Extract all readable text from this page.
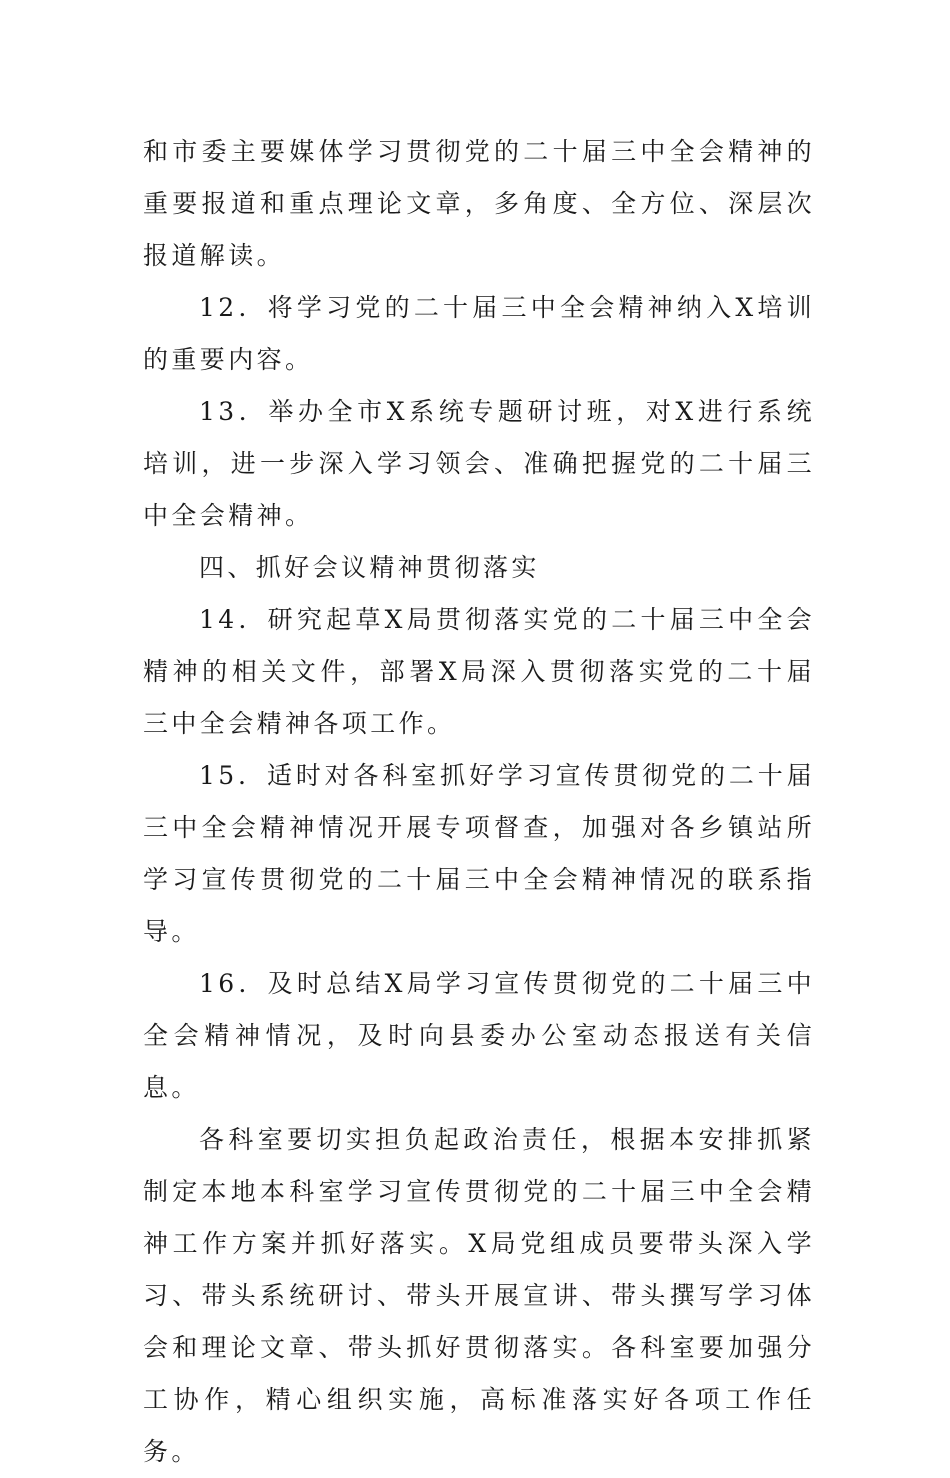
和市委主要媒体学习贯彻党的二十届三中全会精神的重要报道和重点理论文章，多角度、全方位、深层次报道解读。

12．将学习党的二十届三中全会精神纳入X培训的重要内容。

13．举办全市X系统专题研讨班，对X进行系统培训，进一步深入学习领会、准确把握党的二十届三中全会精神。

四、抓好会议精神贯彻落实

14．研究起草X局贯彻落实党的二十届三中全会精神的相关文件，部署X局深入贯彻落实党的二十届三中全会精神各项工作。

15．适时对各科室抓好学习宣传贯彻党的二十届三中全会精神情况开展专项督查，加强对各乡镇站所学习宣传贯彻党的二十届三中全会精神情况的联系指导。

16．及时总结X局学习宣传贯彻党的二十届三中全会精神情况，及时向县委办公室动态报送有关信息。

各科室要切实担负起政治责任，根据本安排抓紧制定本地本科室学习宣传贯彻党的二十届三中全会精神工作方案并抓好落实。X局党组成员要带头深入学习、带头系统研讨、带头开展宣讲、带头撰写学习体会和理论文章、带头抓好贯彻落实。各科室要加强分工协作，精心组织实施，高标准落实好各项工作任务。
